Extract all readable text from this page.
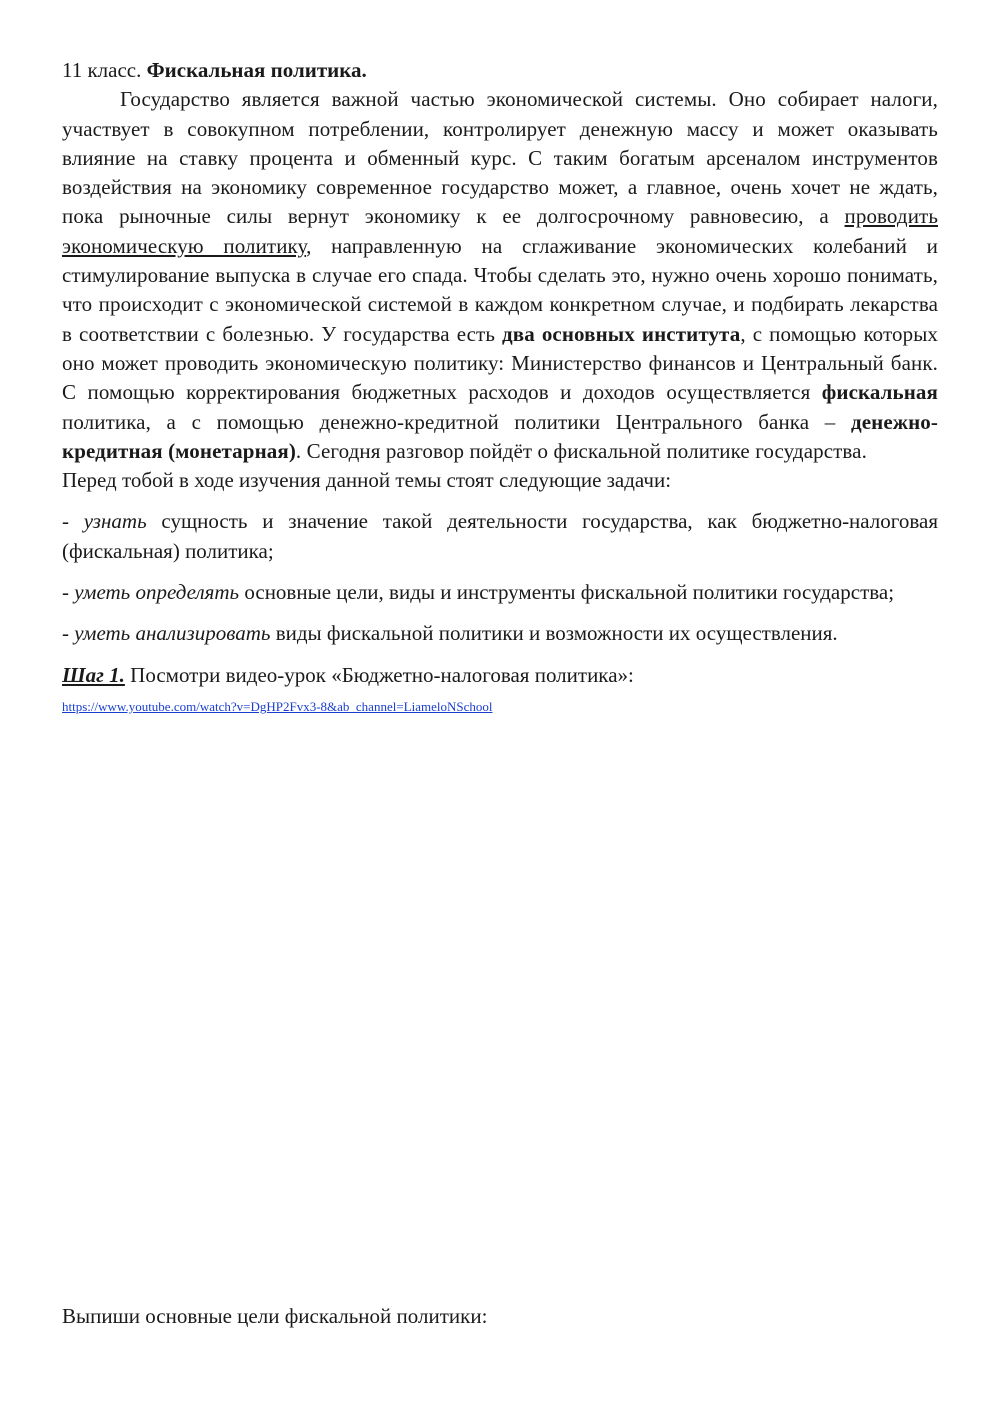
11 класс. Фискальная политика.

Государство является важной частью экономической системы. Оно собирает налоги, участвует в совокупном потреблении, контролирует денежную массу и может оказывать влияние на ставку процента и обменный курс. С таким богатым арсеналом инструментов воздействия на экономику современное государство может, а главное, очень хочет не ждать, пока рыночные силы вернут экономику к ее долгосрочному равновесию, а проводить экономическую политику, направленную на сглаживание экономических колебаний и стимулирование выпуска в случае его спада. Чтобы сделать это, нужно очень хорошо понимать, что происходит с экономической системой в каждом конкретном случае, и подбирать лекарства в соответствии с болезнью. У государства есть два основных института, с помощью которых оно может проводить экономическую политику: Министерство финансов и Центральный банк. С помощью корректирования бюджетных расходов и доходов осуществляется фискальная политика, а с помощью денежно-кредитной политики Центрального банка – денежно-кредитная (монетарная). Сегодня разговор пойдёт о фискальной политике государства.

Перед тобой в ходе изучения данной темы стоят следующие задачи:

- узнать сущность и значение такой деятельности государства, как бюджетно-налоговая (фискальная) политика;

- уметь определять основные цели, виды и инструменты фискальной политики государства;

- уметь анализировать виды фискальной политики и возможности их осуществления.

Шаг 1. Посмотри видео-урок «Бюджетно-налоговая политика»:

https://www.youtube.com/watch?v=DgHP2Fvx3-8&ab_channel=LiameloNSchool

Выпиши основные цели фискальной политики:
